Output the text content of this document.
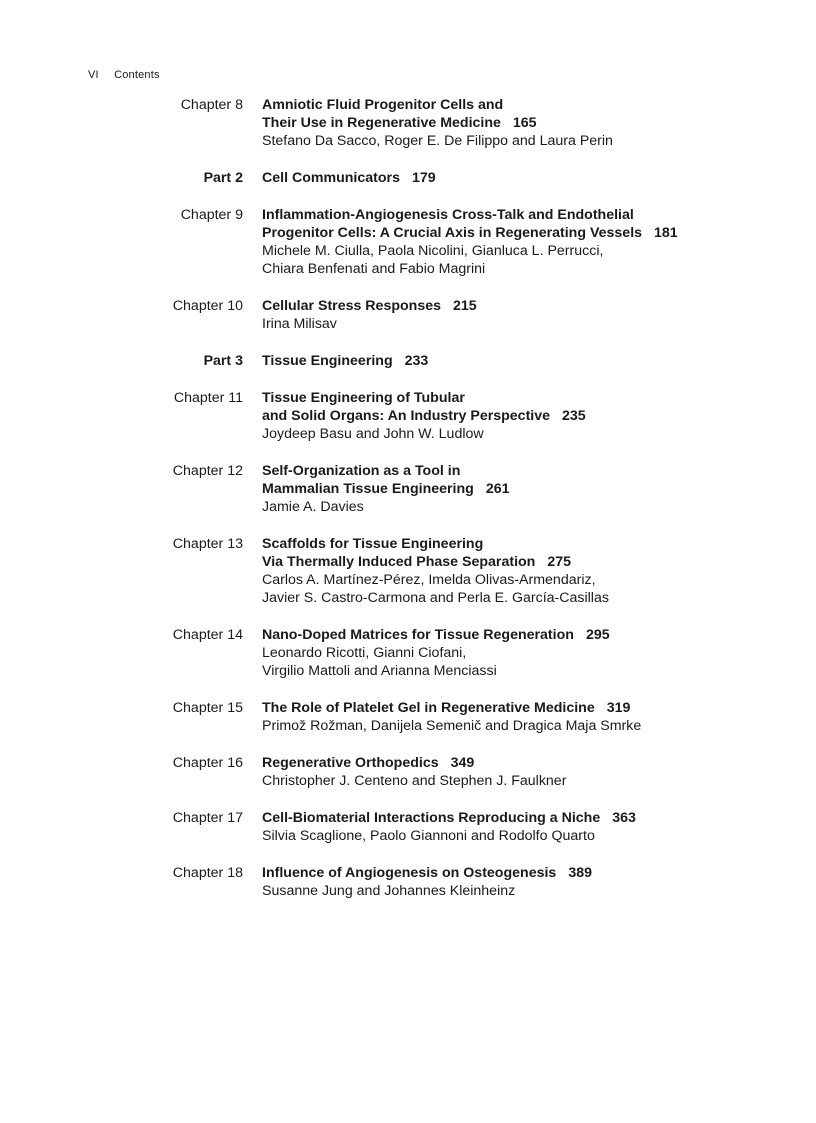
VI Contents
Chapter 8 Amniotic Fluid Progenitor Cells and
Their Use in Regenerative Medicine 165
Stefano Da Sacco, Roger E. De Filippo and Laura Perin
Part 2 Cell Communicators 179
Chapter 9 Inflammation-Angiogenesis Cross-Talk and Endothelial
Progenitor Cells: A Crucial Axis in Regenerating Vessels 181
Michele M. Ciulla, Paola Nicolini, Gianluca L. Perrucci,
Chiara Benfenati and Fabio Magrini
Chapter 10 Cellular Stress Responses 215
Irina Milisav
Part 3 Tissue Engineering 233
Chapter 11 Tissue Engineering of Tubular
and Solid Organs: An Industry Perspective 235
Joydeep Basu and John W. Ludlow
Chapter 12 Self-Organization as a Tool in
Mammalian Tissue Engineering 261
Jamie A. Davies
Chapter 13 Scaffolds for Tissue Engineering
Via Thermally Induced Phase Separation 275
Carlos A. Martínez-Pérez, Imelda Olivas-Armendariz,
Javier S. Castro-Carmona and Perla E. García-Casillas
Chapter 14 Nano-Doped Matrices for Tissue Regeneration 295
Leonardo Ricotti, Gianni Ciofani,
Virgilio Mattoli and Arianna Menciassi
Chapter 15 The Role of Platelet Gel in Regenerative Medicine 319
Primož Rožman, Danijela Semenič and Dragica Maja Smrke
Chapter 16 Regenerative Orthopedics 349
Christopher J. Centeno and Stephen J. Faulkner
Chapter 17 Cell-Biomaterial Interactions Reproducing a Niche 363
Silvia Scaglione, Paolo Giannoni and Rodolfo Quarto
Chapter 18 Influence of Angiogenesis on Osteogenesis 389
Susanne Jung and Johannes Kleinheinz
